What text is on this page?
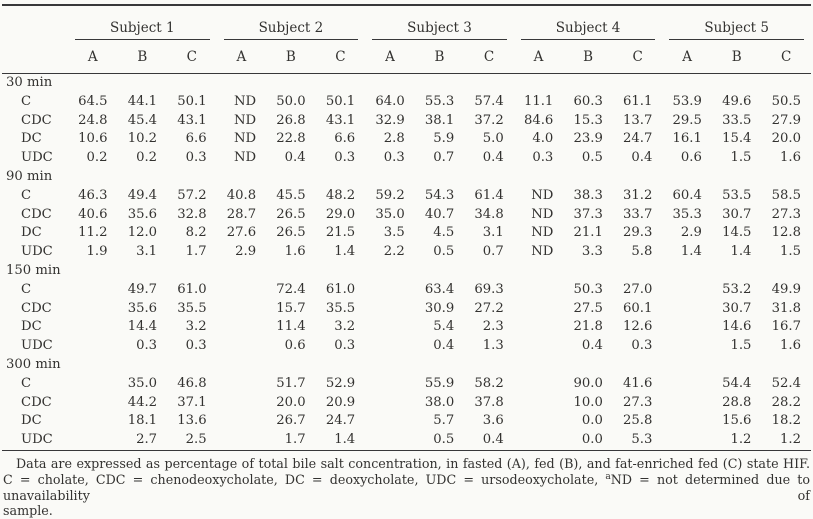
	Subject 1			Subject 2			Subject 3			Subject 4			Subject 5		

	A	B	C	A	B	C	A	B	C	A	B	C	A	B	C
30 min															
C	64.5	44.1	50.1	ND	50.0	50.1	64.0	55.3	57.4	11.1	60.3	61.1	53.9	49.6	50.5
CDC	24.8	45.4	43.1	ND	26.8	43.1	32.9	38.1	37.2	84.6	15.3	13.7	29.5	33.5	27.9
DC	10.6	10.2	6.6	ND	22.8	6.6	2.8	5.9	5.0	4.0	23.9	24.7	16.1	15.4	20.0
UDC	0.2	0.2	0.3	ND	0.4	0.3	0.3	0.7	0.4	0.3	0.5	0.4	0.6	1.5	1.6
90 min															
C	46.3	49.4	57.2	40.8	45.5	48.2	59.2	54.3	61.4	ND	38.3	31.2	60.4	53.5	58.5
CDC	40.6	35.6	32.8	28.7	26.5	29.0	35.0	40.7	34.8	ND	37.3	33.7	35.3	30.7	27.3
DC	11.2	12.0	8.2	27.6	26.5	21.5	3.5	4.5	3.1	ND	21.1	29.3	2.9	14.5	12.8
UDC	1.9	3.1	1.7	2.9	1.6	1.4	2.2	0.5	0.7	ND	3.3	5.8	1.4	1.4	1.5
150 min															
C		49.7	61.0		72.4	61.0		63.4	69.3		50.3	27.0		53.2	49.9
CDC		35.6	35.5		15.7	35.5		30.9	27.2		27.5	60.1		30.7	31.8
DC		14.4	3.2		11.4	3.2		5.4	2.3		21.8	12.6		14.6	16.7
UDC		0.3	0.3		0.6	0.3		0.4	1.3		0.4	0.3		1.5	1.6
300 min															
C		35.0	46.8		51.7	52.9		55.9	58.2		90.0	41.6		54.4	52.4
CDC		44.2	37.1		20.0	20.9		38.0	37.8		10.0	27.3		28.8	28.2
DC		18.1	13.6		26.7	24.7		5.7	3.6		0.0	25.8		15.6	18.2
UDC		2.7	2.5		1.7	1.4		0.5	0.4		0.0	5.3		1.2	1.2
Data are expressed as percentage of total bile salt concentration, in fasted (A), fed (B), and fat-enriched fed (C) state HIF.
C = cholate, CDC = chenodeoxycholate, DC = deoxycholate, UDC = ursodeoxycholate, $^a$ND = not determined due to unavailability of
sample.
